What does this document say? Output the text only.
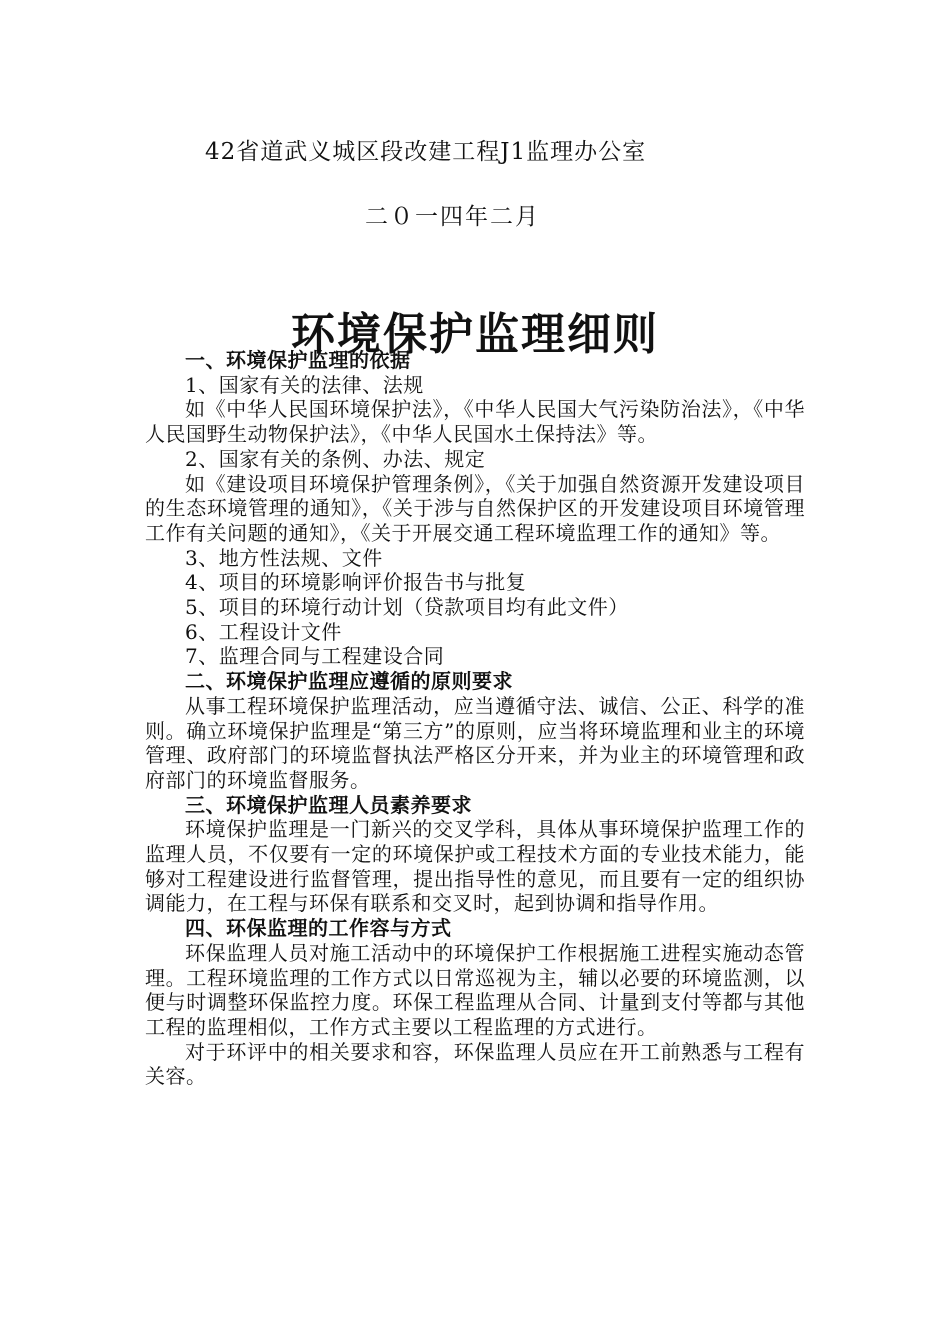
42省道武义城区段改建工程J1监理办公室
二０一四年二月
环境保护监理细则

一、环境保护监理的依据

1、国家有关的法律、法规

如《中华人民国环境保护法》，《中华人民国大气污染防治法》，《中华人民国野生动物保护法》，《中华人民国水土保持法》等。

2、国家有关的条例、办法、规定

如《建设项目环境保护管理条例》，《关于加强自然资源开发建设项目的生态环境管理的通知》，《关于涉与自然保护区的开发建设项目环境管理工作有关问题的通知》，《关于开展交通工程环境监理工作的通知》等。

3、地方性法规、文件

4、项目的环境影响评价报告书与批复

5、项目的环境行动计划（贷款项目均有此文件）

6、工程设计文件

7、监理合同与工程建设合同

二、环境保护监理应遵循的原则要求

从事工程环境保护监理活动，应当遵循守法、诚信、公正、科学的准则。确立环境保护监理是“第三方”的原则，应当将环境监理和业主的环境管理、政府部门的环境监督执法严格区分开来，并为业主的环境管理和政府部门的环境监督服务。

三、环境保护监理人员素养要求

环境保护监理是一门新兴的交叉学科，具体从事环境保护监理工作的监理人员，不仅要有一定的环境保护或工程技术方面的专业技术能力，能够对工程建设进行监督管理，提出指导性的意见，而且要有一定的组织协调能力，在工程与环保有联系和交叉时，起到协调和指导作用。

四、环保监理的工作容与方式

环保监理人员对施工活动中的环境保护工作根据施工进程实施动态管理。工程环境监理的工作方式以日常巡视为主，辅以必要的环境监测，以便与时调整环保监控力度。环保工程监理从合同、计量到支付等都与其他工程的监理相似，工作方式主要以工程监理的方式进行。

对于环评中的相关要求和容，环保监理人员应在开工前熟悉与工程有关容。
